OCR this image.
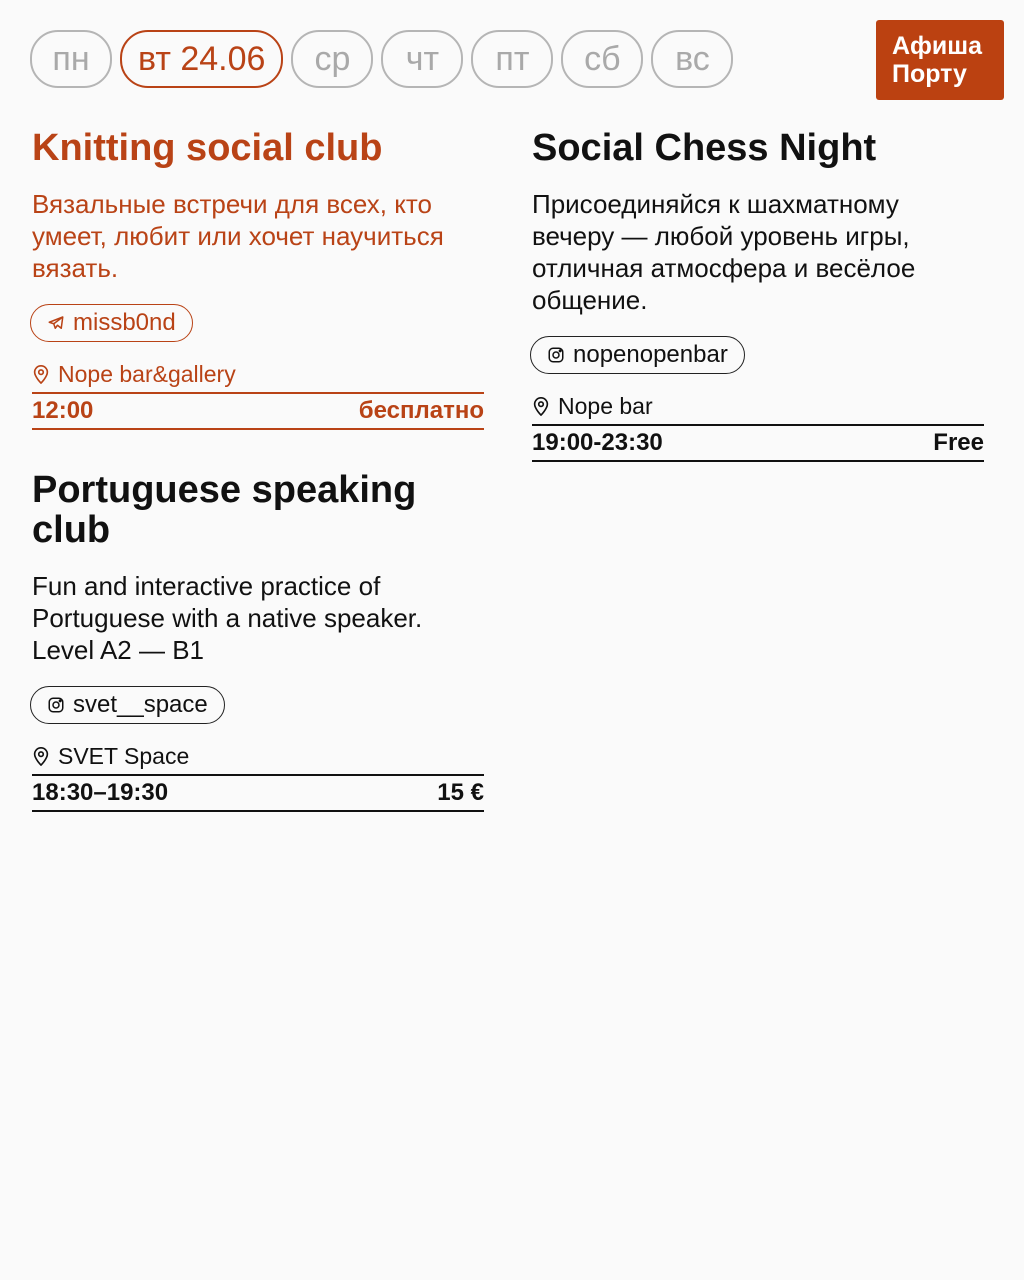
пн	вт 24.06	ср	чт	пт	сб	вс	Афиша
Порту
Knitting social club
Вязальные встречи для всех, кто умеет, любит или хочет научиться вязать.
missb0nd
Nope bar&gallery
12:00	бесплатно
Social Chess Night
Присоединяйся к шахматному вечеру — любой уровень игры, отличная атмосфера и весёлое общение.
nopenopenbar
Nope bar
19:00-23:30	Free
Portuguese speaking club
Fun and interactive practice of Portuguese with a native speaker. Level A2 — B1
svet__space
SVET Space
18:30–19:30	15 €
